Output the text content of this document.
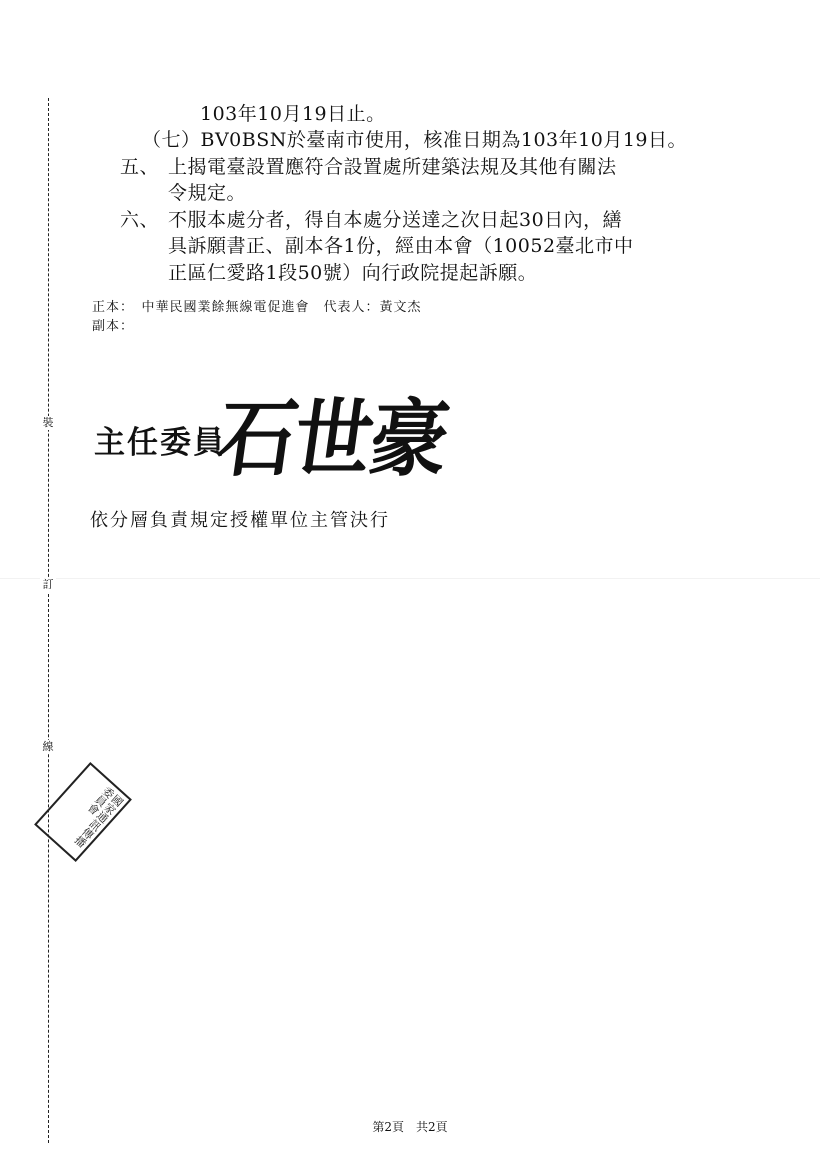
裝
訂
線
103年10月19日止。
（七）BV0BSN於臺南市使用，核准日期為103年10月19日。
五、 上揭電臺設置應符合設置處所建築法規及其他有關法
令規定。
六、 不服本處分者，得自本處分送達之次日起30日內，繕
具訴願書正、副本各1份，經由本會（10052臺北市中
正區仁愛路1段50號）向行政院提起訴願。
正本：　中華民國業餘無線電促進會　代表人：黃文杰
副本：
主任委員
石世豪
依分層負責規定授權單位主管決行
國家通訊傳播委員會
第2頁　共2頁
